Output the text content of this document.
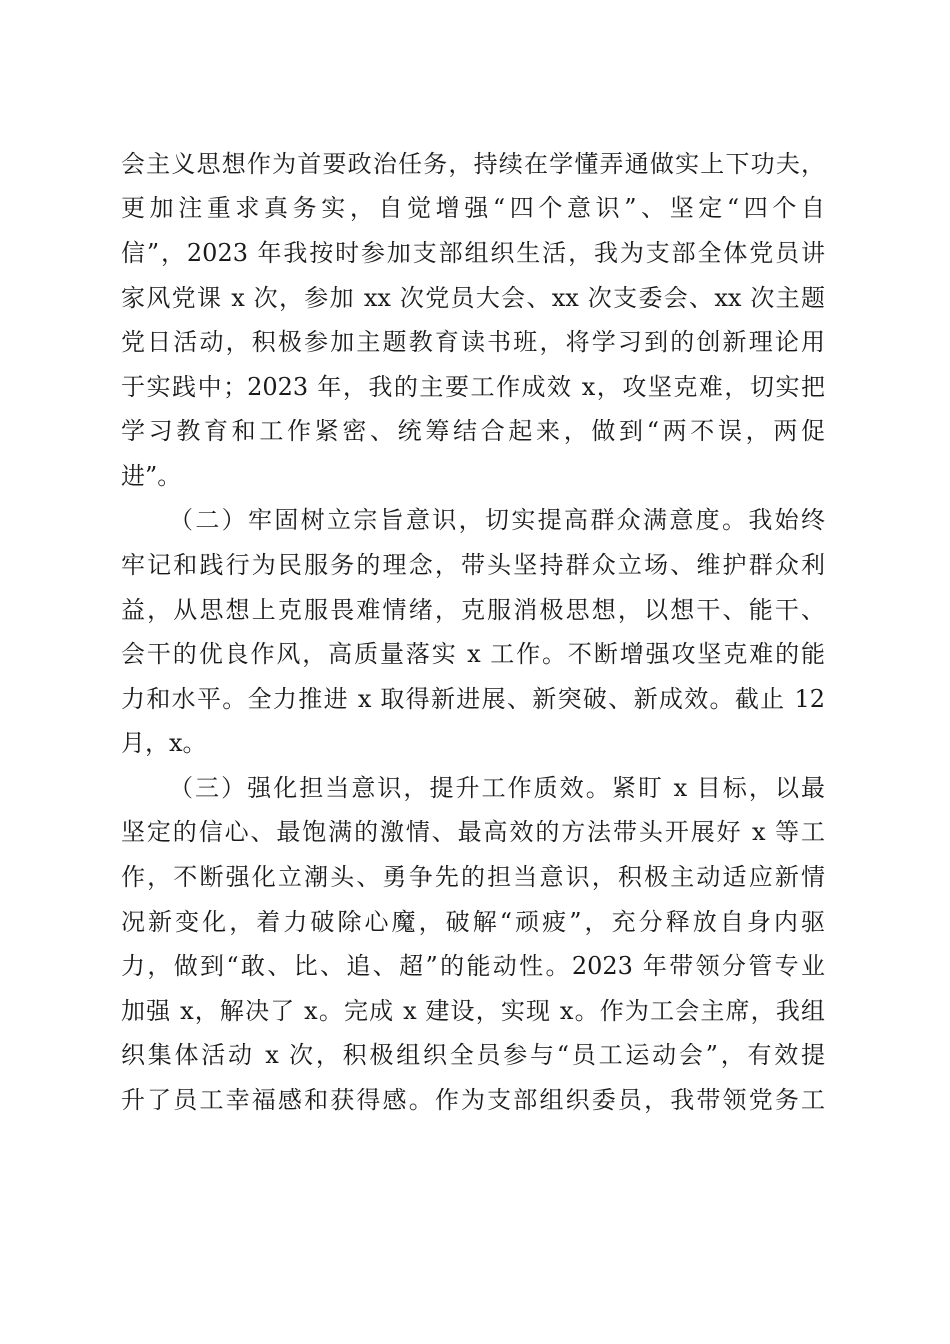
会主义思想作为首要政治任务，持续在学懂弄通做实上下功夫，
更加注重求真务实，自觉增强“四个意识”、坚定“四个自
信”，2023 年我按时参加支部组织生活，我为支部全体党员讲
家风党课 x 次，参加 xx 次党员大会、xx 次支委会、xx 次主题
党日活动，积极参加主题教育读书班，将学习到的创新理论用
于实践中；2023 年，我的主要工作成效 x，攻坚克难，切实把
学习教育和工作紧密、统筹结合起来，做到“两不误，两促
进”。
（二）牢固树立宗旨意识，切实提高群众满意度。我始终
牢记和践行为民服务的理念，带头坚持群众立场、维护群众利
益，从思想上克服畏难情绪，克服消极思想，以想干、能干、
会干的优良作风，高质量落实 x 工作。不断增强攻坚克难的能
力和水平。全力推进 x 取得新进展、新突破、新成效。截止 12
月，x。
（三）强化担当意识，提升工作质效。紧盯 x 目标，以最
坚定的信心、最饱满的激情、最高效的方法带头开展好 x 等工
作，不断强化立潮头、勇争先的担当意识，积极主动适应新情
况新变化，着力破除心魔，破解“顽疲”，充分释放自身内驱
力，做到“敢、比、追、超”的能动性。2023 年带领分管专业
加强 x，解决了 x。完成 x 建设，实现 x。作为工会主席，我组
织集体活动 x 次，积极组织全员参与“员工运动会”，有效提
升了员工幸福感和获得感。作为支部组织委员，我带领党务工
